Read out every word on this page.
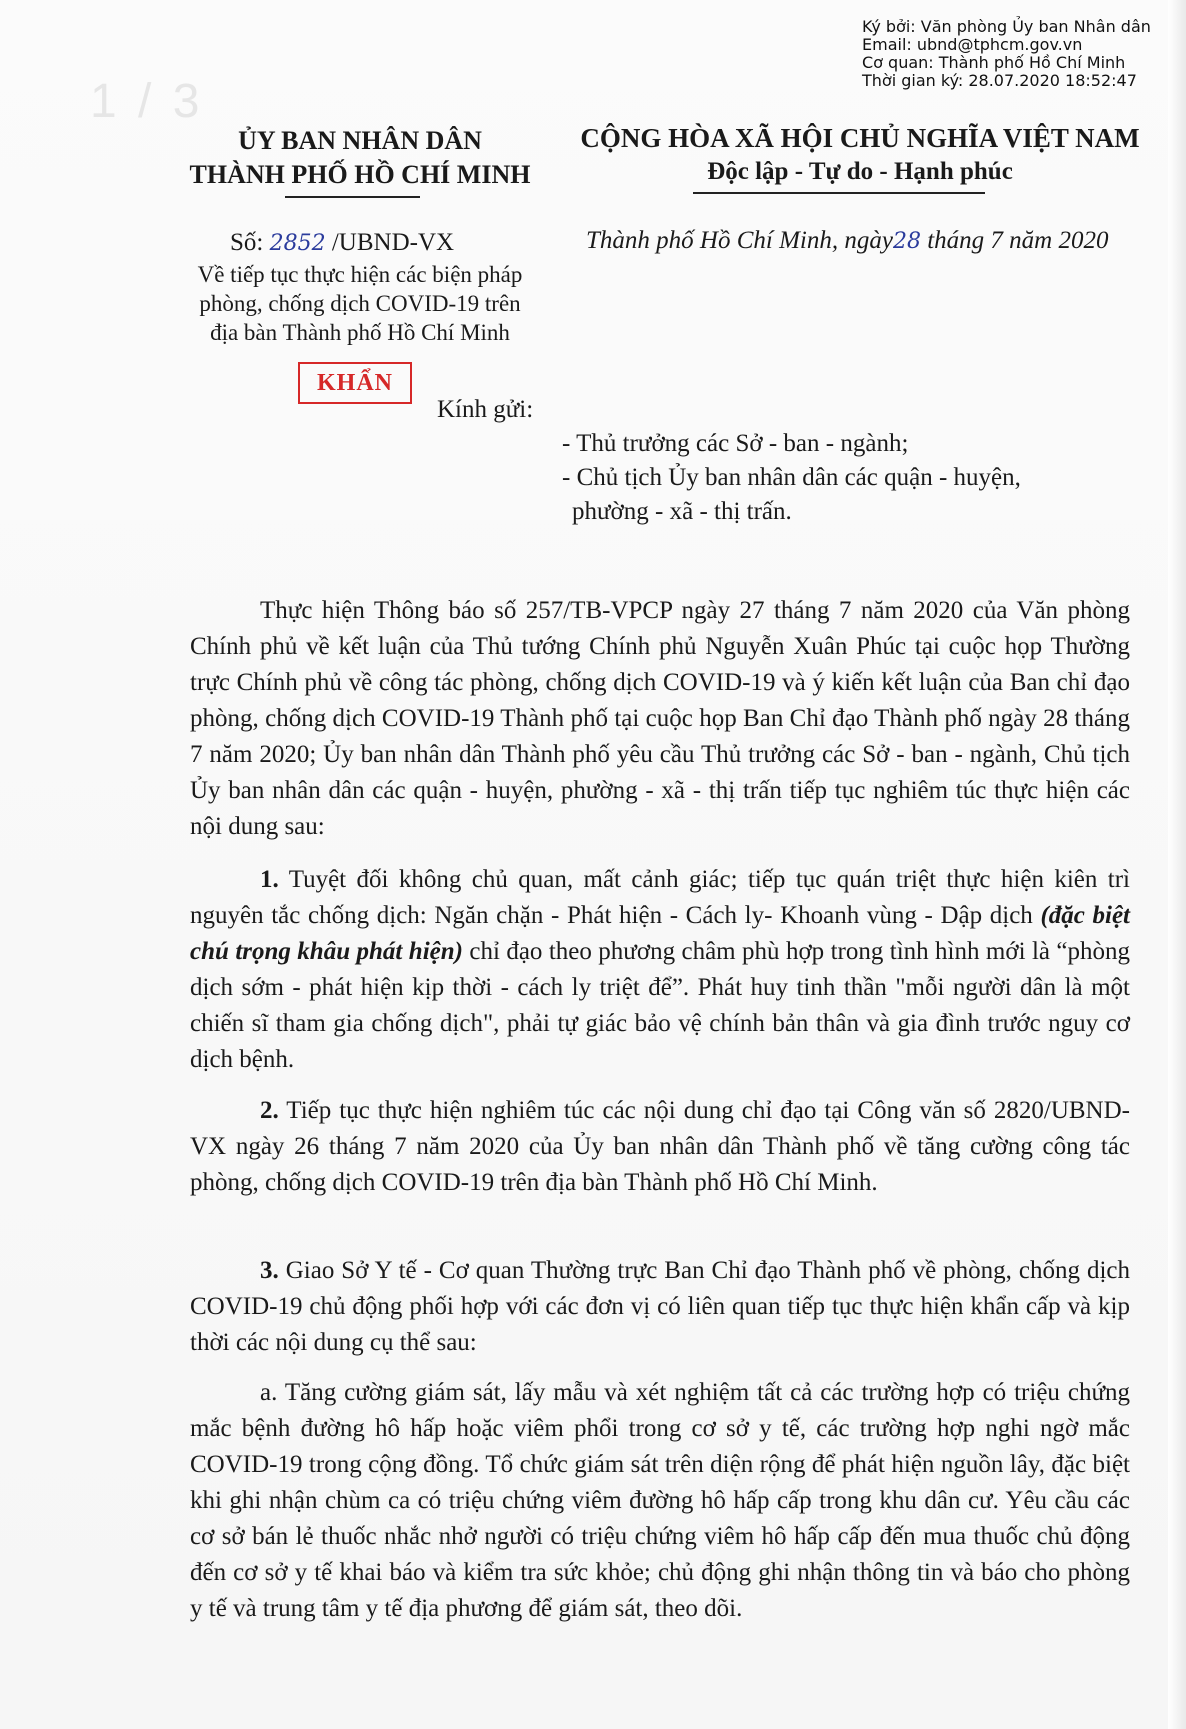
Ký bởi: Văn phòng Ủy ban Nhân dân
Email: ubnd@tphcm.gov.vn
Cơ quan: Thành phố Hồ Chí Minh
Thời gian ký: 28.07.2020 18:52:47
1 / 3
ỦY BAN NHÂN DÂN
THÀNH PHỐ HỒ CHÍ MINH
CỘNG HÒA XÃ HỘI CHỦ NGHĨA VIỆT NAM
Độc lập - Tự do - Hạnh phúc
Số: 2852 /UBND-VX
Về tiếp tục thực hiện các biện pháp
phòng, chống dịch COVID-19 trên
địa bàn Thành phố Hồ Chí Minh
KHẨN
Thành phố Hồ Chí Minh, ngày28 tháng 7 năm 2020
Kính gửi:
- Thủ trưởng các Sở - ban - ngành;
- Chủ tịch Ủy ban nhân dân các quận - huyện,
phường - xã - thị trấn.
Thực hiện Thông báo số 257/TB-VPCP ngày 27 tháng 7 năm 2020 của Văn phòng Chính phủ về kết luận của Thủ tướng Chính phủ Nguyễn Xuân Phúc tại cuộc họp Thường trực Chính phủ về công tác phòng, chống dịch COVID-19 và ý kiến kết luận của Ban chỉ đạo phòng, chống dịch COVID-19 Thành phố tại cuộc họp Ban Chỉ đạo Thành phố ngày 28 tháng 7 năm 2020; Ủy ban nhân dân Thành phố yêu cầu Thủ trưởng các Sở - ban - ngành, Chủ tịch Ủy ban nhân dân các quận - huyện, phường - xã - thị trấn tiếp tục nghiêm túc thực hiện các nội dung sau:
1. Tuyệt đối không chủ quan, mất cảnh giác; tiếp tục quán triệt thực hiện kiên trì nguyên tắc chống dịch: Ngăn chặn - Phát hiện - Cách ly- Khoanh vùng - Dập dịch (đặc biệt chú trọng khâu phát hiện) chỉ đạo theo phương châm phù hợp trong tình hình mới là “phòng dịch sớm - phát hiện kịp thời - cách ly triệt để”. Phát huy tinh thần "mỗi người dân là một chiến sĩ tham gia chống dịch", phải tự giác bảo vệ chính bản thân và gia đình trước nguy cơ dịch bệnh.
2. Tiếp tục thực hiện nghiêm túc các nội dung chỉ đạo tại Công văn số 2820/UBND-VX ngày 26 tháng 7 năm 2020 của Ủy ban nhân dân Thành phố về tăng cường công tác phòng, chống dịch COVID-19 trên địa bàn Thành phố Hồ Chí Minh.
3. Giao Sở Y tế - Cơ quan Thường trực Ban Chỉ đạo Thành phố về phòng, chống dịch COVID-19 chủ động phối hợp với các đơn vị có liên quan tiếp tục thực hiện khẩn cấp và kịp thời các nội dung cụ thể sau:
a. Tăng cường giám sát, lấy mẫu và xét nghiệm tất cả các trường hợp có triệu chứng mắc bệnh đường hô hấp hoặc viêm phổi trong cơ sở y tế, các trường hợp nghi ngờ mắc COVID-19 trong cộng đồng. Tổ chức giám sát trên diện rộng để phát hiện nguồn lây, đặc biệt khi ghi nhận chùm ca có triệu chứng viêm đường hô hấp cấp trong khu dân cư. Yêu cầu các cơ sở bán lẻ thuốc nhắc nhở người có triệu chứng viêm hô hấp cấp đến mua thuốc chủ động đến cơ sở y tế khai báo và kiểm tra sức khỏe; chủ động ghi nhận thông tin và báo cho phòng y tế và trung tâm y tế địa phương để giám sát, theo dõi.
